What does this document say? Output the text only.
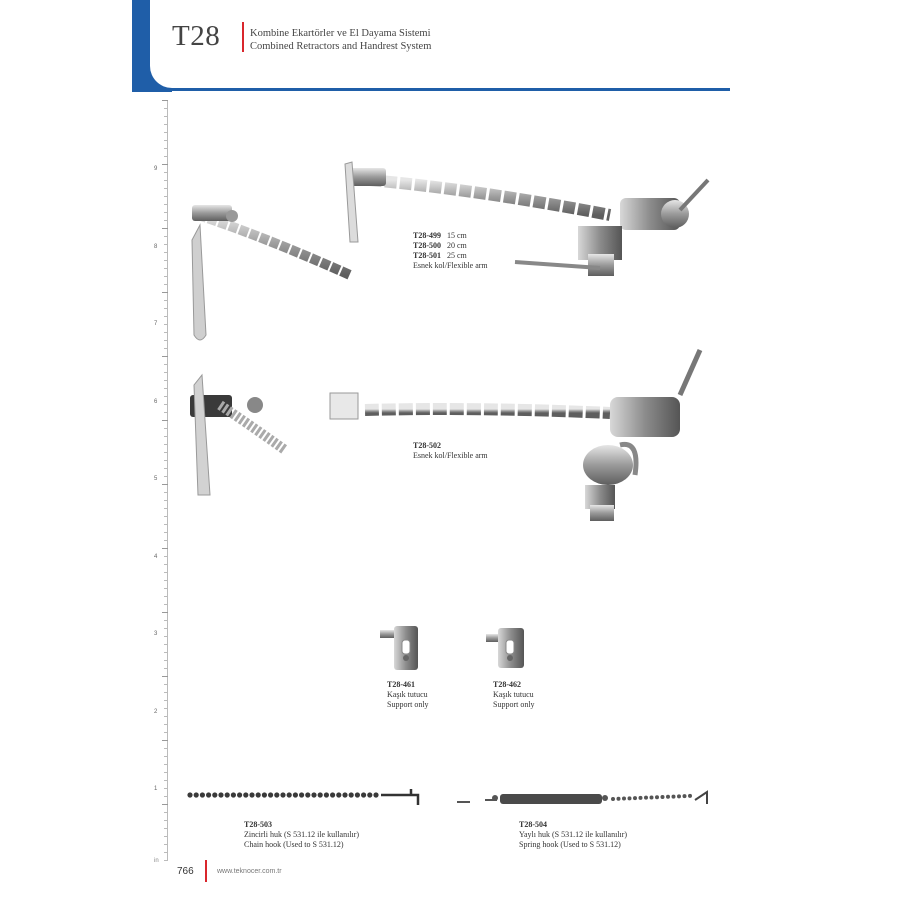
T28	Kombine Ekartörler ve El Dayama Sistemi
Combined Retractors and Handrest System
9
8
7
6
5
4
3
2
1
in
T28-499 15 cm
T28-500 20 cm
T28-501 25 cm
Esnek kol/Flexible arm
T28-502
Esnek kol/Flexible arm
T28-461
Kaşık tutucu
Support only
T28-462
Kaşık tutucu
Support only
T28-503
Zincirli huk (S 531.12 ile kullanılır)
Chain hook (Used to S 531.12)
T28-504
Yaylı huk (S 531.12 ile kullanılır)
Spring hook (Used to S 531.12)
766	www.teknocer.com.tr
